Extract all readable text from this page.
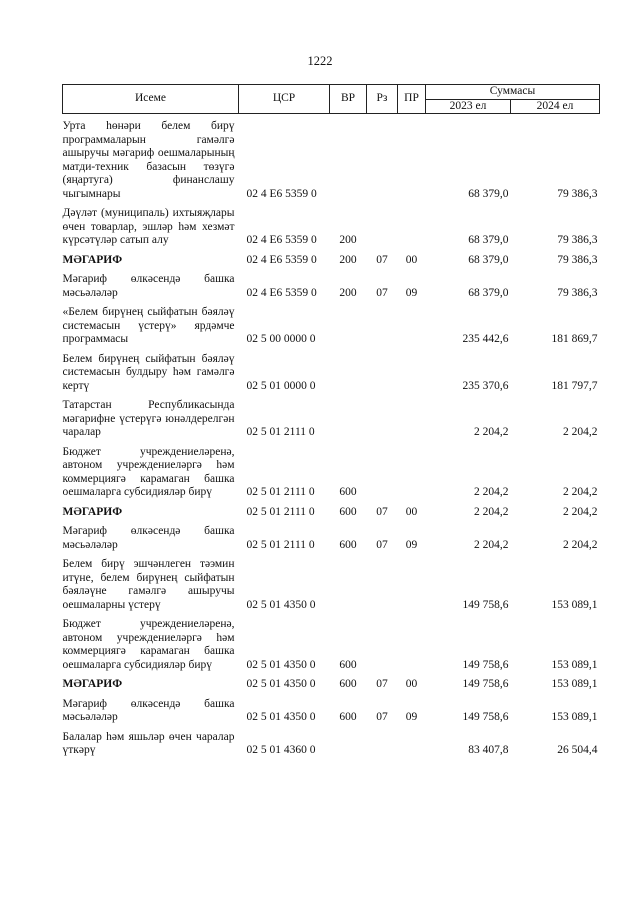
1222
Исеме	ЦСР	ВР	Рз	ПР	Суммасы	
					2023 ел	2024 ел

Урта һөнәри белем бирү программаларын гамәлгә ашыручы мәгариф оешмаларының матди-техник базасын төзүгә (яңартуга) финанслашу чыгымнары	02 4 Е6 5359 0				68 379,0	79 386,3

Дәүләт (муниципаль) ихтыяҗлары өчен товарлар, эшләр һәм хезмәт күрсәтүләр сатып алу	02 4 Е6 5359 0	200			68 379,0	79 386,3

МӘГАРИФ	02 4 Е6 5359 0	200	07	00	68 379,0	79 386,3

Мәгариф өлкәсендә башка мәсьәләләр	02 4 Е6 5359 0	200	07	09	68 379,0	79 386,3

«Белем бирүнең сыйфатын бәяләү системасын үстерү» ярдәмче программасы	02 5 00 0000 0				235 442,6	181 869,7

Белем бирүнең сыйфатын бәяләү системасын булдыру һәм гамәлгә кертү	02 5 01 0000 0				235 370,6	181 797,7

Татарстан Республикасында мәгарифне үстерүгә юнәлдерелгән чаралар	02 5 01 2111 0				2 204,2	2 204,2

Бюджет учреждениеләренә, автоном учреждениеләргә һәм коммерциягә карамаган башка оешмаларга субсидияләр бирү	02 5 01 2111 0	600			2 204,2	2 204,2

МӘГАРИФ	02 5 01 2111 0	600	07	00	2 204,2	2 204,2

Мәгариф өлкәсендә башка мәсьәләләр	02 5 01 2111 0	600	07	09	2 204,2	2 204,2

Белем бирү эшчәнлеген тәэмин итүне, белем бирүнең сыйфатын бәяләүне гамәлгә ашыручы оешмаларны үстерү	02 5 01 4350 0				149 758,6	153 089,1

Бюджет учреждениеләренә, автоном учреждениеләргә һәм коммерциягә карамаган башка оешмаларга субсидияләр бирү	02 5 01 4350 0	600			149 758,6	153 089,1

МӘГАРИФ	02 5 01 4350 0	600	07	00	149 758,6	153 089,1

Мәгариф өлкәсендә башка мәсьәләләр	02 5 01 4350 0	600	07	09	149 758,6	153 089,1

Балалар һәм яшьләр өчен чаралар үткәрү	02 5 01 4360 0				83 407,8	26 504,4
